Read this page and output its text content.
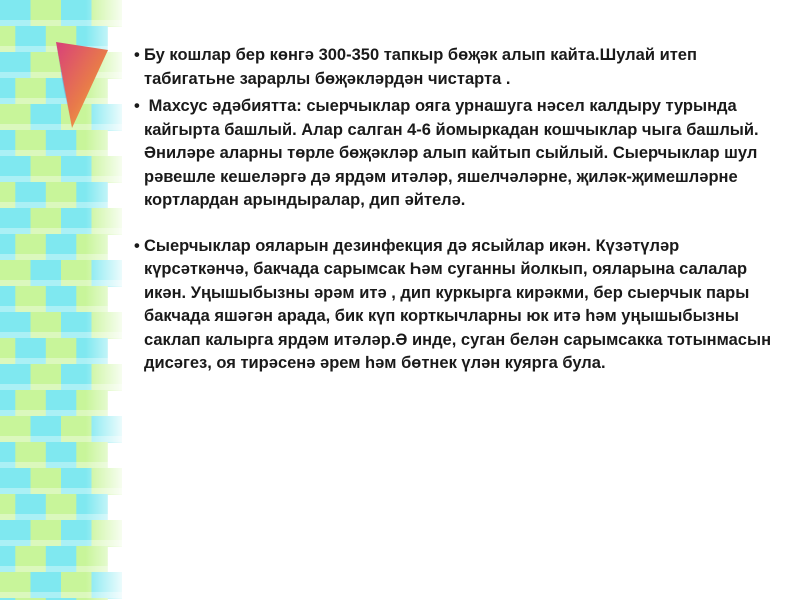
• Бу кошлар бер көнгә 300-350 тапкыр бөҗәк алып кайта.Шулай итеп табигатьне зарарлы бөҗәкләрдән чистарта .

• Махсус әдәбиятта: сыерчыклар ояга урнашуга нәсел калдыру турында кайгырта башлый. Алар салган 4-6 йомыркадан кошчыклар чыга башлый. Әниләре аларны төрле бөҗәкләр алып кайтып сыйлый. Сыерчыклар шул рәвешле кешеләргә дә ярдәм итәләр, яшелчәләрне, җиләк-җимешләрне кортлардан арындыралар, дип әйтелә.

• Сыерчыклар ояларын дезинфекция дә ясыйлар икән. Күзәтүләр күрсәткәнчә, бакчада сарымсак Һәм суганны йолкып, ояларына салалар икән. Уңышыбызны әрәм итә , дип куркырга кирәкми, бер сыерчык пары бакчада яшәгән арада, бик күп корткычларны юк итә һәм уңышыбызны саклап калырга ярдәм итәләр.Ә инде, суган белән сарымсакка тотынмасын дисәгез, оя тирәсенә әрем һәм бөтнек үлән куярга була.
